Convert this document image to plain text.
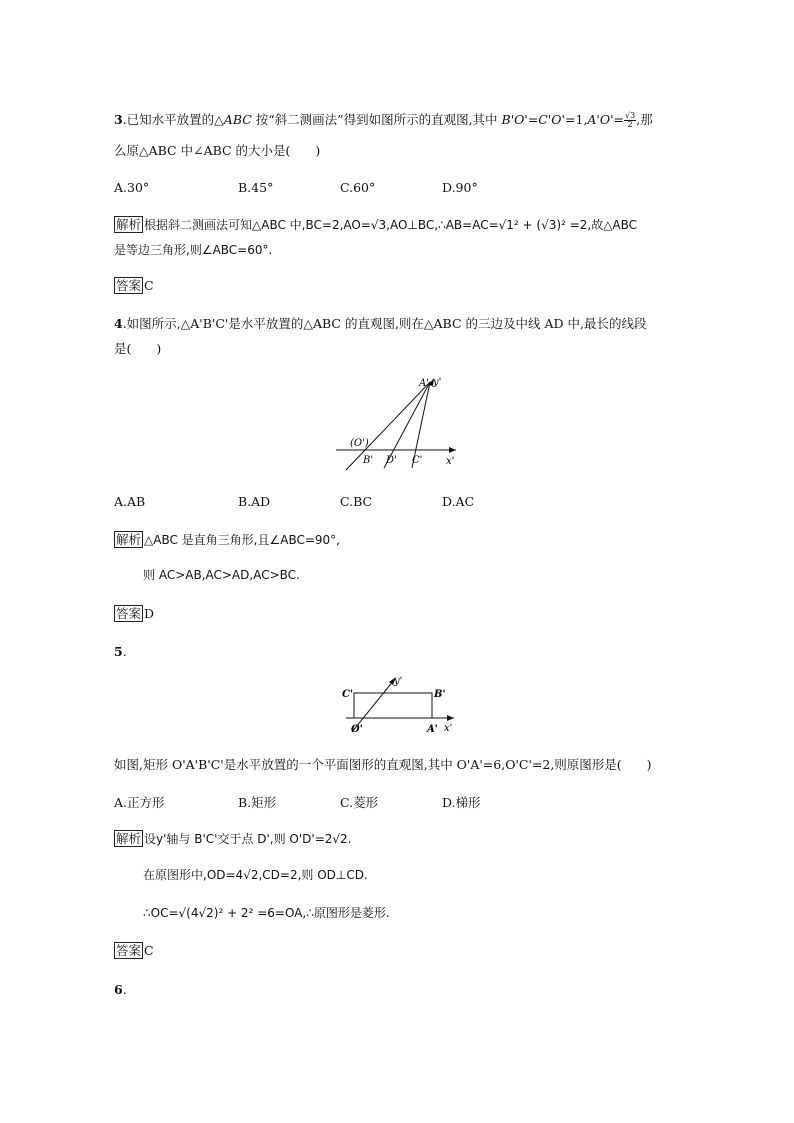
3.已知水平放置的△ABC 按“斜二测画法”得到如图所示的直观图,其中 $B'O'=C'O'=1,A'O'= \frac{√3}{2}$ ,那
么原△ABC 中∠ABC 的大小是(　　)
A.30°	B.45°	C.60°	D.90°
解析 根据斜二测画法可知△ABC 中,BC=2,AO=√3,AO⊥BC,∴AB=AC=√1² + (√3)² =2,故△ABC
是等边三角形,则∠ABC=60°.
答案 C
4.如图所示,△A'B'C'是水平放置的△ABC 的直观图,则在△ABC 的三边及中线 AD 中,最长的线段
是(　　)
A' y'
(O')
B' D' C' x'
A.AB	B.AD	C.BC	D.AC
解析 △ABC 是直角三角形,且∠ABC=90°,
则 AC>AB,AC>AD,AC>BC.
答案 D
5.
C'
y'
B'
O'	A' x'
如图,矩形 O'A'B'C'是水平放置的一个平面图形的直观图,其中 O'A'=6,O'C'=2,则原图形是(　　)
A.正方形	B.矩形	C.菱形	D.梯形
解析 设y'轴与 B'C'交于点 D',则 O'D'=2√2.
在原图形中,OD=4√2,CD=2,则 OD⊥CD.
∴OC=√(4√2)² + 2² =6=OA,∴原图形是菱形.
答案 C
6.
